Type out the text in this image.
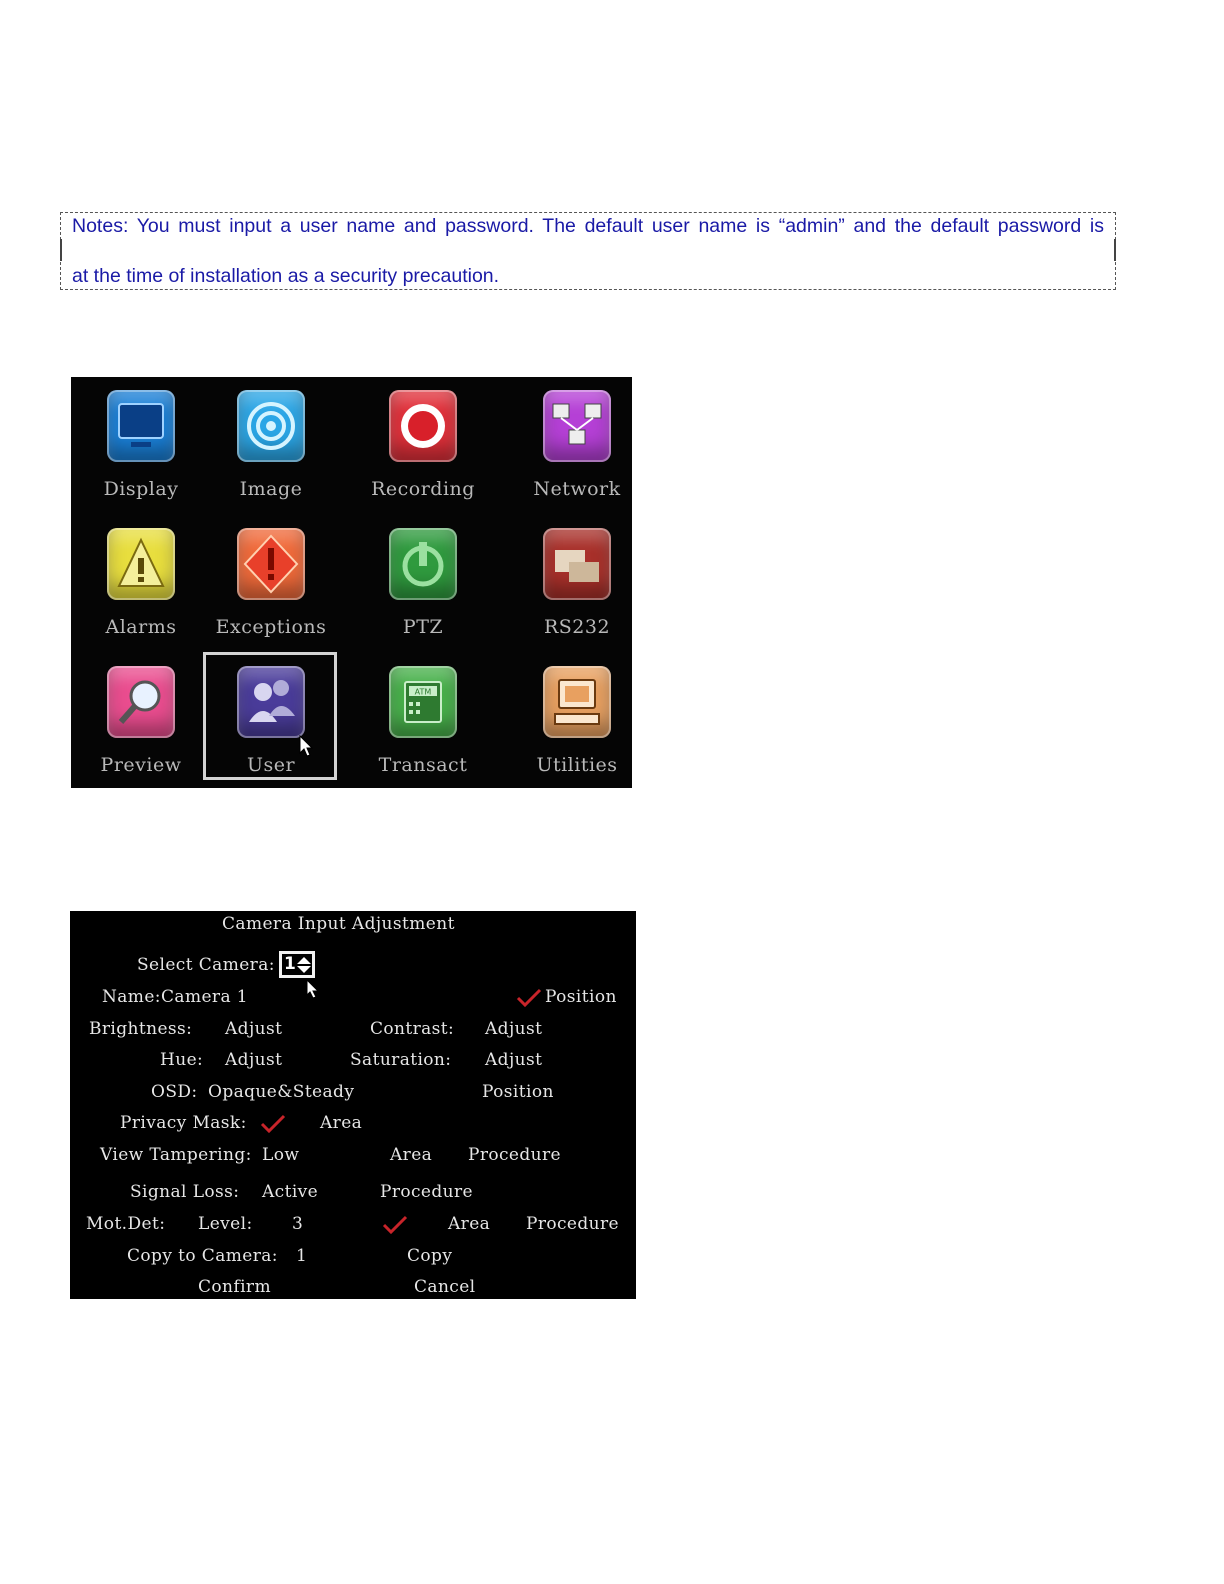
Notes: You must input a user name and password. The default user name is “admin” and the default password is
at the time of installation as a security precaution.
Display	Image	Recording	Network
Alarms	Exceptions	PTZ	RS232
Preview	User
ATM
Transact	Utilities
Camera Input Adjustment
Select Camera: 1
Name: Camera 1	Position
Brightness: Adjust	Contrast: Adjust
Hue: Adjust	Saturation: Adjust
OSD: Opaque&Steady	Position
Privacy Mask:	Area
View Tampering: Low	Area Procedure
Signal Loss: Active	Procedure
Mot.Det: Level: 3	Area Procedure
Copy to Camera: 1	Copy
Confirm	Cancel
